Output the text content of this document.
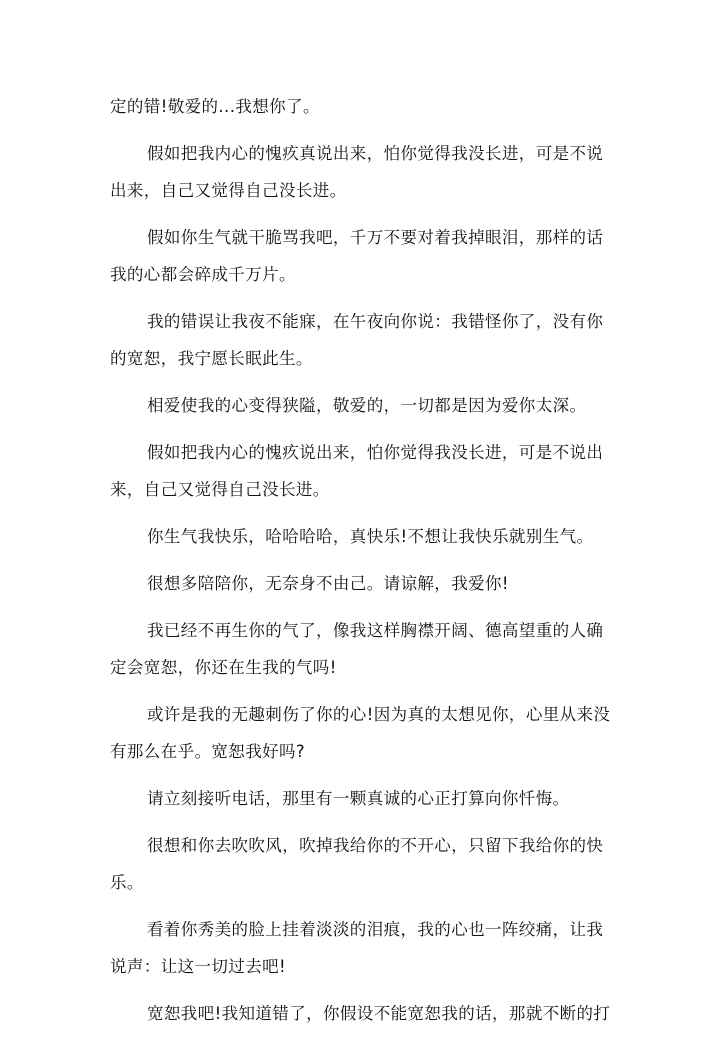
定的错!敬爱的...我想你了。

假如把我内心的愧疚真说出来，怕你觉得我没长进，可是不说出来，自己又觉得自己没长进。

假如你生气就干脆骂我吧，千万不要对着我掉眼泪，那样的话我的心都会碎成千万片。

我的错误让我夜不能寐，在午夜向你说：我错怪你了，没有你的宽恕，我宁愿长眠此生。

相爱使我的心变得狭隘，敬爱的，一切都是因为爱你太深。

假如把我内心的愧疚说出来，怕你觉得我没长进，可是不说出来，自己又觉得自己没长进。

你生气我快乐，哈哈哈哈，真快乐!不想让我快乐就别生气。

很想多陪陪你，无奈身不由己。请谅解，我爱你!

我已经不再生你的气了，像我这样胸襟开阔、德高望重的人确定会宽恕，你还在生我的气吗!

或许是我的无趣刺伤了你的心!因为真的太想见你，心里从来没有那么在乎。宽恕我好吗?

请立刻接听电话，那里有一颗真诚的心正打算向你忏悔。

很想和你去吹吹风，吹掉我给你的不开心，只留下我给你的快乐。

看着你秀美的脸上挂着淡淡的泪痕，我的心也一阵绞痛，让我说声：让这一切过去吧!

宽恕我吧!我知道错了，你假设不能宽恕我的话，那就不断的打
